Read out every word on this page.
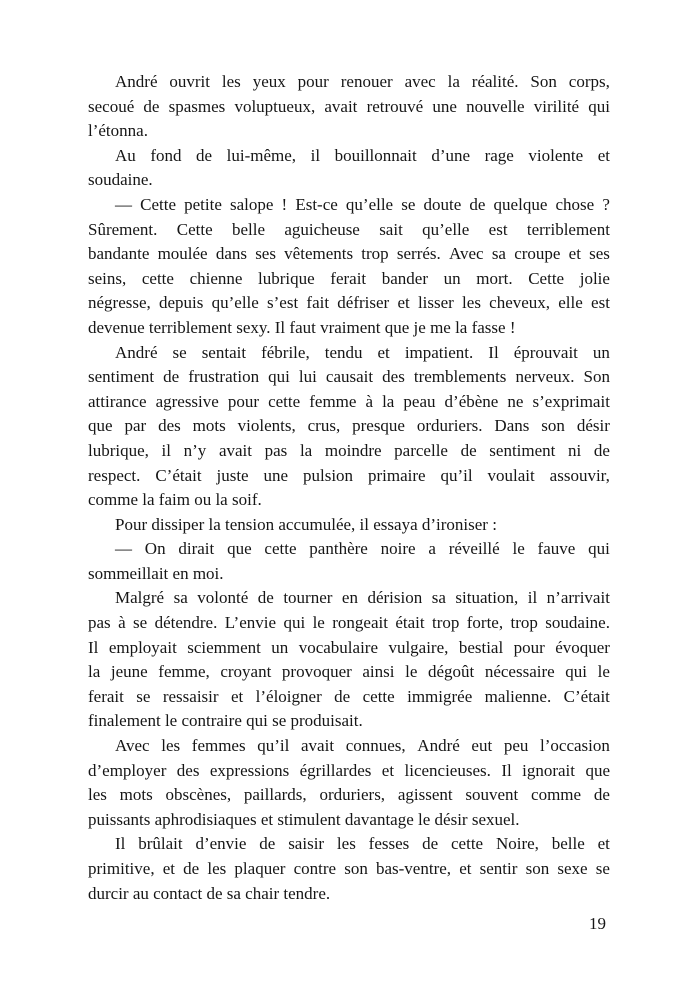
André ouvrit les yeux pour renouer avec la réalité. Son corps,
secoué de spasmes voluptueux, avait retrouvé une nouvelle virilité qui
l’étonna.
Au fond de lui-même, il bouillonnait d’une rage violente et
soudaine.
— Cette petite salope ! Est-ce qu’elle se doute de quelque chose ?
Sûrement. Cette belle aguicheuse sait qu’elle est terriblement
bandante moulée dans ses vêtements trop serrés. Avec sa croupe et ses
seins, cette chienne lubrique ferait bander un mort. Cette jolie
négresse, depuis qu’elle s’est fait défriser et lisser les cheveux, elle est
devenue terriblement sexy. Il faut vraiment que je me la fasse !
André se sentait fébrile, tendu et impatient. Il éprouvait un
sentiment de frustration qui lui causait des tremblements nerveux. Son
attirance agressive pour cette femme à la peau d’ébène ne s’exprimait
que par des mots violents, crus, presque orduriers. Dans son désir
lubrique, il n’y avait pas la moindre parcelle de sentiment ni de
respect. C’était juste une pulsion primaire qu’il voulait assouvir,
comme la faim ou la soif.
Pour dissiper la tension accumulée, il essaya d’ironiser :
— On dirait que cette panthère noire a réveillé le fauve qui
sommeillait en moi.
Malgré sa volonté de tourner en dérision sa situation, il n’arrivait
pas à se détendre. L’envie qui le rongeait était trop forte, trop soudaine.
Il employait sciemment un vocabulaire vulgaire, bestial pour évoquer
la jeune femme, croyant provoquer ainsi le dégoût nécessaire qui le
ferait se ressaisir et l’éloigner de cette immigrée malienne. C’était
finalement le contraire qui se produisait.
Avec les femmes qu’il avait connues, André eut peu l’occasion
d’employer des expressions égrillardes et licencieuses. Il ignorait que
les mots obscènes, paillards, orduriers, agissent souvent comme de
puissants aphrodisiaques et stimulent davantage le désir sexuel.
Il brûlait d’envie de saisir les fesses de cette Noire, belle et
primitive, et de les plaquer contre son bas-ventre, et sentir son sexe se
durcir au contact de sa chair tendre.
19
